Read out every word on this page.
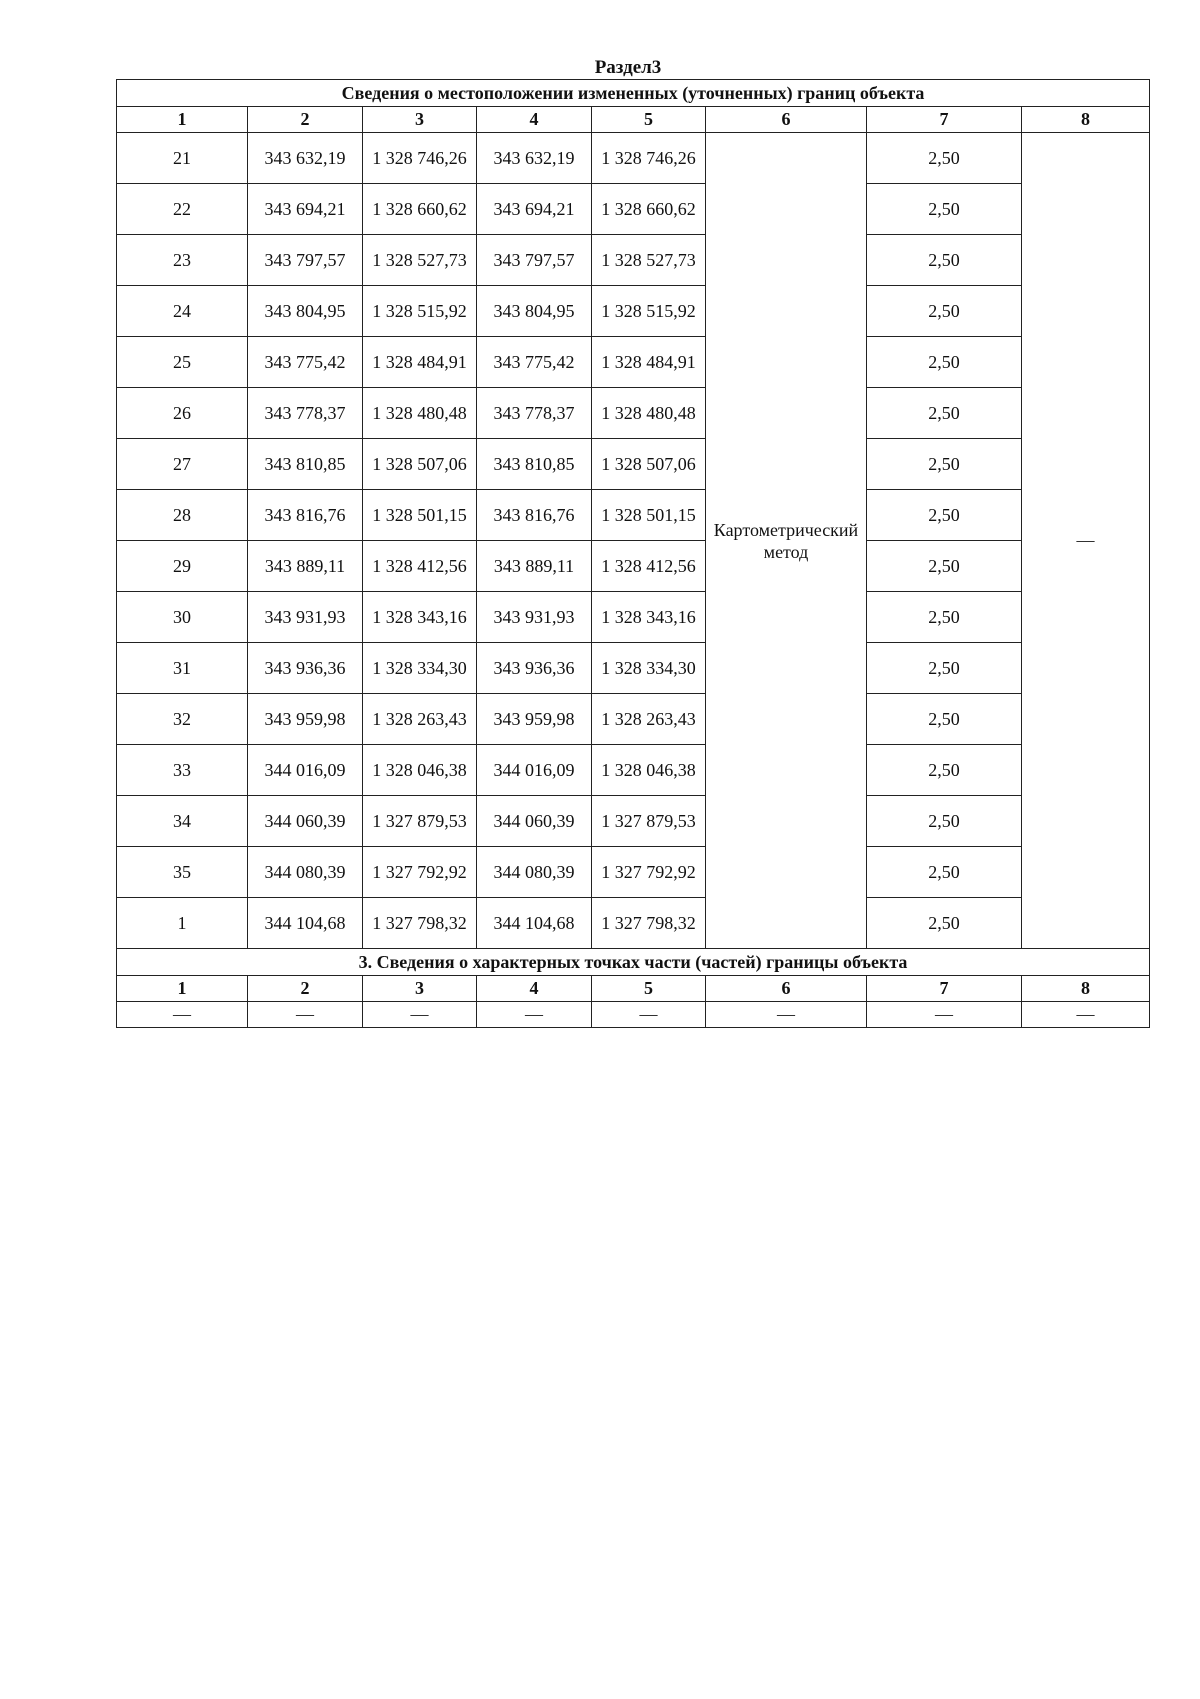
Раздел3
Сведения о местоположении измененных (уточненных) границ объекта							
1	2	3	4	5	6	7	8
21	343 632,19	1 328 746,26	343 632,19	1 328 746,26	Картометрический метод	2,50	—
22	343 694,21	1 328 660,62	343 694,21	1 328 660,62		2,50	
23	343 797,57	1 328 527,73	343 797,57	1 328 527,73		2,50	
24	343 804,95	1 328 515,92	343 804,95	1 328 515,92		2,50	
25	343 775,42	1 328 484,91	343 775,42	1 328 484,91		2,50	
26	343 778,37	1 328 480,48	343 778,37	1 328 480,48		2,50	
27	343 810,85	1 328 507,06	343 810,85	1 328 507,06		2,50	
28	343 816,76	1 328 501,15	343 816,76	1 328 501,15		2,50	
29	343 889,11	1 328 412,56	343 889,11	1 328 412,56		2,50	
30	343 931,93	1 328 343,16	343 931,93	1 328 343,16		2,50	
31	343 936,36	1 328 334,30	343 936,36	1 328 334,30		2,50	
32	343 959,98	1 328 263,43	343 959,98	1 328 263,43		2,50	
33	344 016,09	1 328 046,38	344 016,09	1 328 046,38		2,50	
34	344 060,39	1 327 879,53	344 060,39	1 327 879,53		2,50	
35	344 080,39	1 327 792,92	344 080,39	1 327 792,92		2,50	
1	344 104,68	1 327 798,32	344 104,68	1 327 798,32		2,50	
3. Сведения о характерных точках части (частей) границы объекта							
1	2	3	4	5	6	7	8
—	—	—	—	—	—	—	—
